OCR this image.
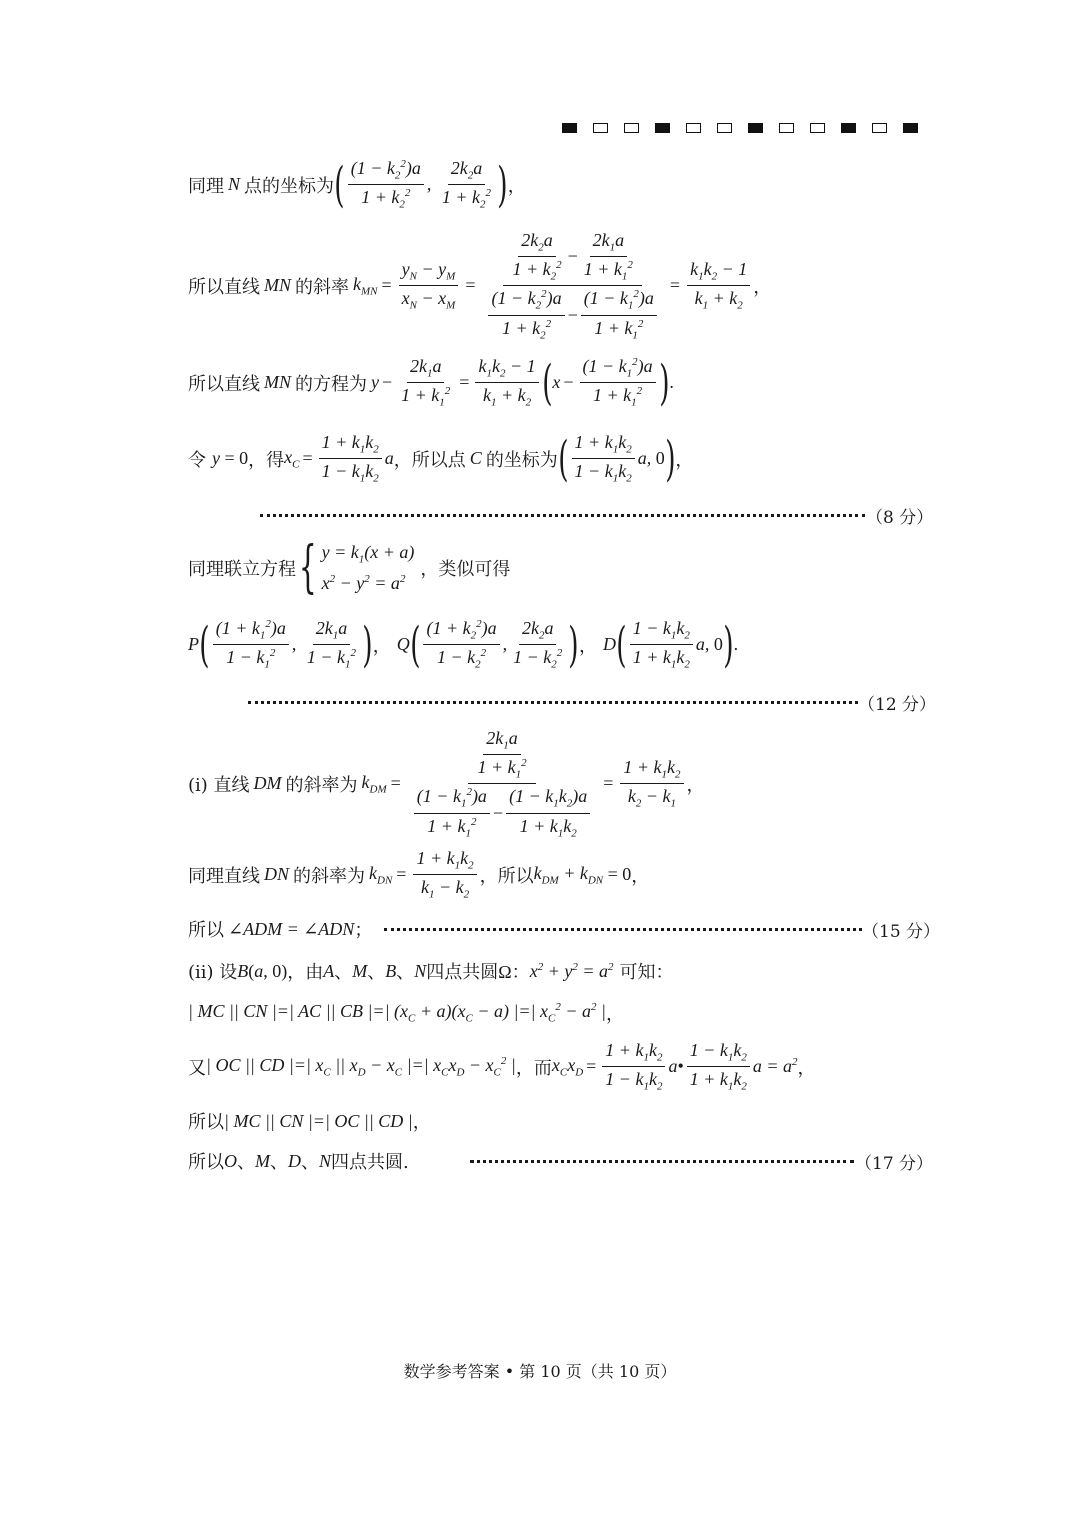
同理 N 点的坐标为 ( $\frac{(1 - k_2^2)a}{1 + k_2^2}$ , $\frac{2k_2a}{1 + k_2^2}$ ) ，
所以直线 MN 的斜率 $k_{MN} = \frac{y_N - y_M}{x_N - x_M} = \frac{\frac{2k_2a}{1 + k_2^2} - \frac{2k_1a}{1 + k_1^2}}{\frac{(1 - k_2^2)a}{1 + k_2^2} - \frac{(1 - k_1^2)a}{1 + k_1^2}} = \frac{k_1k_2 - 1}{k_1 + k_2}$ ，
所以直线 MN 的方程为 $y - \frac{2k_1a}{1 + k_1^2} = \frac{k_1k_2 - 1}{k_1 + k_2}$ ( $x - \frac{(1 - k_1^2)a}{1 + k_1^2}$ ) .
令 y = 0 ，得 $x_C = \frac{1 + k_1k_2}{1 - k_1k_2}$ a ，所以点 C 的坐标为 ( $\frac{1 + k_1k_2}{1 - k_1k_2} a$, 0 ) ，
（8 分）
同理联立方程 { $y = k_1(x + a)$
$x^2 - y^2 = a^2$ ，类似可得
P ( $\frac{(1 + k_1^2)a}{1 - k_1^2}$ , $\frac{2k_1a}{1 - k_1^2}$ ) ， Q ( $\frac{(1 + k_2^2)a}{1 - k_2^2}$ , $\frac{2k_2a}{1 - k_2^2}$ ) ， D ( $\frac{1 - k_1k_2}{1 + k_1k_2} a$, 0 ) .
（12 分）
(i) 直线 DM 的斜率为 $k_{DM} = \frac{\frac{2k_1a}{1 + k_1^2}}{\frac{(1 - k_1^2)a}{1 + k_1^2} - \frac{(1 - k_1k_2)a}{1 + k_1k_2}} = \frac{1 + k_1k_2}{k_2 - k_1}$ ，
同理直线 DN 的斜率为 $k_{DN} = \frac{1 + k_1k_2}{k_1 - k_2}$ ，所以 $k_{DM} + k_{DN} = 0$ ，
所以 ∠ADM = ∠ADN ；	（15 分）
(ii) 设 B ( a , 0) ，由 A 、 M 、 B 、 N 四点共圆 Ω： $x^2 + y^2 = a^2$ 可知：
| MC || CN |=| AC || CB |=| $(x_C + a)(x_C - a)$ |=| $x_C^2 - a^2$ | ，
又 | OC || CD |=| $x_C$ || $x_D - x_C$ |=| $x_Cx_D - x_C^2$ | ，而 $x_Cx_D = \frac{1 + k_1k_2}{1 - k_1k_2}$ a • $\frac{1 - k_1k_2}{1 + k_1k_2}$ $a = a^2$ ，
所以 | MC || CN |=| OC || CD | ，
所以 O 、 M 、 D 、 N 四点共圆.	（17 分）
数学参考答案 • 第 10 页（共 10 页）
